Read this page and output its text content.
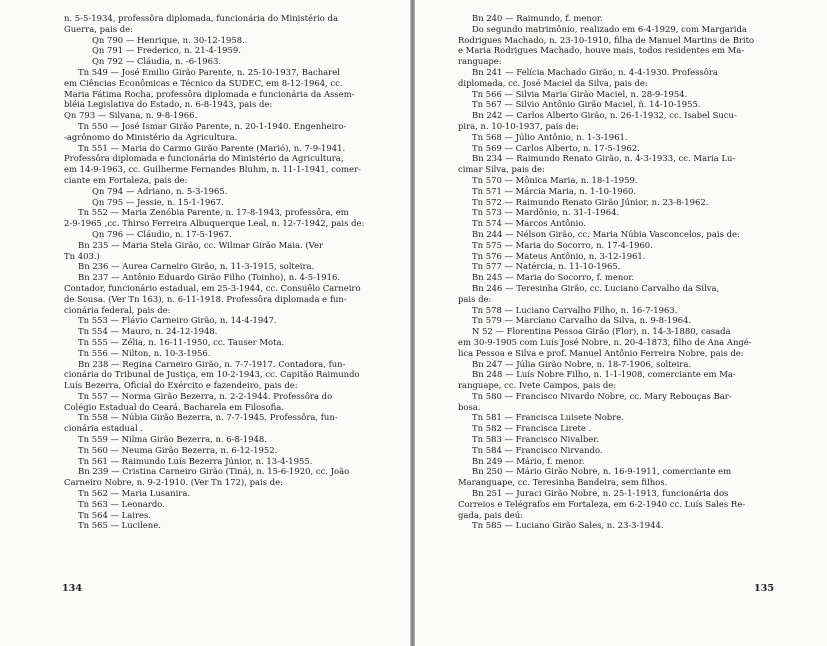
n. 5-5-1934, professôra diplomada, funcionária do Ministério da
Guerra, pais de:
Qn 790 — Henrique, n. 30-12-1958.
Qn 791 — Frederico, n. 21-4-1959.
Qn 792 — Cláudia, n. -6-1963.
Tn 549 — José Emilio Girão Parente, n. 25-10-1937, Bacharel
em Ciências Econômicas e Técnico da SUDEC, em 8-12-1964, cc.
Maria Fátima Rocha, professôra diplomada e funcionária da Assem-
bléia Legislativa do Estado, n. 6-8-1943, pais de:
Qn 793 — Silvana, n. 9-8-1966.
Tn 550 — José Ismar Girão Parente, n. 20-1-1940. Engenheiro-
-agrônomo do Ministério da Agricultura.
Tn 551 — Maria do Carmo Girão Parente (Marió), n. 7-9-1941.
Professôra diplomada e funcionária do Ministério da Agricultura,
em 14-9-1963, cc. Guilherme Fernandes Bluhm, n. 11-1-1941, comer-
ciante em Fortaleza, pais de:
Qn 794 — Adriano, n. 5-3-1965.
Qn 795 — Jessie, n. 15-1-1967.
Tn 552 — Maria Zenóbia Parente, n. 17-8-1943, professôra, em
2-9-1965 ,cc. Thirso Ferreira Albuquerque Leal, n. 12-7-1942, pais de:
Qn 796 — Cláudio, n. 17-5-1967.
Bn 235 — Maria Stela Girão, cc. Wilmar Girão Maia. (Ver
Tn 403.)
Bn 236 — Aurea Carneiro Girão, n. 11-3-1915, solteira.
Bn 237 — Antônio Eduardo Girão Filho (Toinho), n. 4-5-1916.
Contador, funcionário estadual, em 25-3-1944, cc. Consuêlo Carneiro
de Sousa. (Ver Tn 163), n. 6-11-1918. Professôra diplomada e fun-
cionária federal, pais de:
Tn 553 — Flávio Carneiro Girão, n. 14-4-1947.
Tn 554 — Mauro, n. 24-12-1948.
Tn 555 — Zélia, n. 16-11-1950, cc. Tauser Mota.
Tn 556 — Nilton, n. 10-3-1956.
Bn 238 — Regina Carneiro Girão, n. 7-7-1917. Contadora, fun-
cionária do Tribunal de Justiça, em 10-2-1943, cc. Capitão Raimundo
Luís Bezerra, Oficial do Exército e fazendeiro, pais de:
Tn 557 — Norma Girão Bezerra, n. 2-2-1944. Professôra do
Colégio Estadual do Ceará. Bacharela em Filosofia.
Tn 558 — Núbia Girão Bezerra, n. 7-7-1945. Professôra, fun-
cionária estadual .
Tn 559 — Nilma Girão Bezerra, n. 6-8-1948.
Tn 560 — Neuma Girão Bezerra, n. 6-12-1952.
Tn 561 — Raimundo Luís Bezerra Júnior, n. 13-4-1955.
Bn 239 — Cristina Carneiro Girão (Tiná), n. 15-6-1920, cc. João
Carneiro Nobre, n. 9-2-1910. (Ver Tn 172), pais de:
Tn 562 — Maria Lusanira.
Tn 563 — Leonardo.
Tn 564 — Laires.
Tn 565 — Lucilene.
134
Bn 240 — Raimundo, f. menor.
Do segundo matrimônio, realizado em 6-4-1929, com Margarida
Rodrigues Machado, n. 23-10-1910, filha de Manuel Martins de Brito
e Maria Rodrigues Machado, houve mais, todos residentes em Ma-
ranguape:
Bn 241 — Felícia Machado Girão, n. 4-4-1930. Professôra
diplomada, cc. José Maciel da Silva, pais de:
Tn 566 — Silvia Maria Girão Maciel, n. 28-9-1954.
Tn 567 — Silvio Antônio Girão Maciel, ñ. 14-10-1955.
Bn 242 — Carlos Alberto Girão, n. 26-1-1932, cc. Isabel Sucu-
pira, n. 10-10-1937, pais de:
Tn 568 — Júlio Antônio, n. 1-3-1961.
Tn 569 — Carlos Alberto, n. 17-5-1962.
Bn 234 — Raimundo Renato Girão, n. 4-3-1933, cc. Maria Lu-
cimar Silva, pais de:
Tn 570 — Mônica Maria, n. 18-1-1959.
Tn 571 — Márcia Maria, n. 1-10-1960.
Tn 572 — Raimundo Renato Girão Júnior, n. 23-8-1962.
Tn 573 — Mardônio, n. 31-1-1964.
Tn 574 — Marcos Antônio.
Bn 244 — Nélson Girão, cc. Maria Núbia Vasconcelos, pais de:
Tn 575 — Maria do Socorro, n. 17-4-1960.
Tn 576 — Mateus Antônio, n. 3-12-1961.
Tn 577 — Natércia, n. 11-10-1965.
Bn 245 — Maria do Socorro, f. menor.
Bn 246 — Teresinha Girão, cc. Luciano Carvalho da Silva,
pais de:
Tn 578 — Luciano Carvalho Filho, n. 16-7-1963.
Tn 579 — Marciano Carvalho da Silva, n. 9-8-1964.
N 52 — Florentina Pessoa Girão (Flor), n. 14-3-1880, casada
em 30-9-1905 com Luís José Nobre, n. 20-4-1873, filho de Ana Angé-
lica Pessoa e Silva e prof. Manuel Antônio Ferreira Nobre, pais de:
Bn 247 — Júlia Girão Nobre, n. 18-7-1906, solteira.
Bn 248 — Luís Nobre Filho, n. 1-1-1908, comerciante em Ma-
ranguape, cc. Ivete Campos, pais de:
Tn 580 — Francisco Nivardo Nobre, cc. Mary Rebouças Bar-
bosa.
Tn 581 — Francisca Luisete Nobre.
Tn 582 — Francisca Lirete .
Tn 583 — Francisco Nivalber.
Tn 584 — Francisco Nirvando.
Bn 249 — Mário, f. menor.
Bn 250 — Mário Girão Nobre, n. 16-9-1911, comerciante em
Maranguape, cc. Teresinha Bandeira, sem filhos.
Bn 251 — Juraci Girão Nobre, n. 25-1-1913, funcionária dos
Correios e Telégrafos em Fortaleza, em 6-2-1940 cc. Luís Sales Re-
gada, pais deú:
Tn 585 — Luciano Girão Sales, n. 23-3-1944.
135
